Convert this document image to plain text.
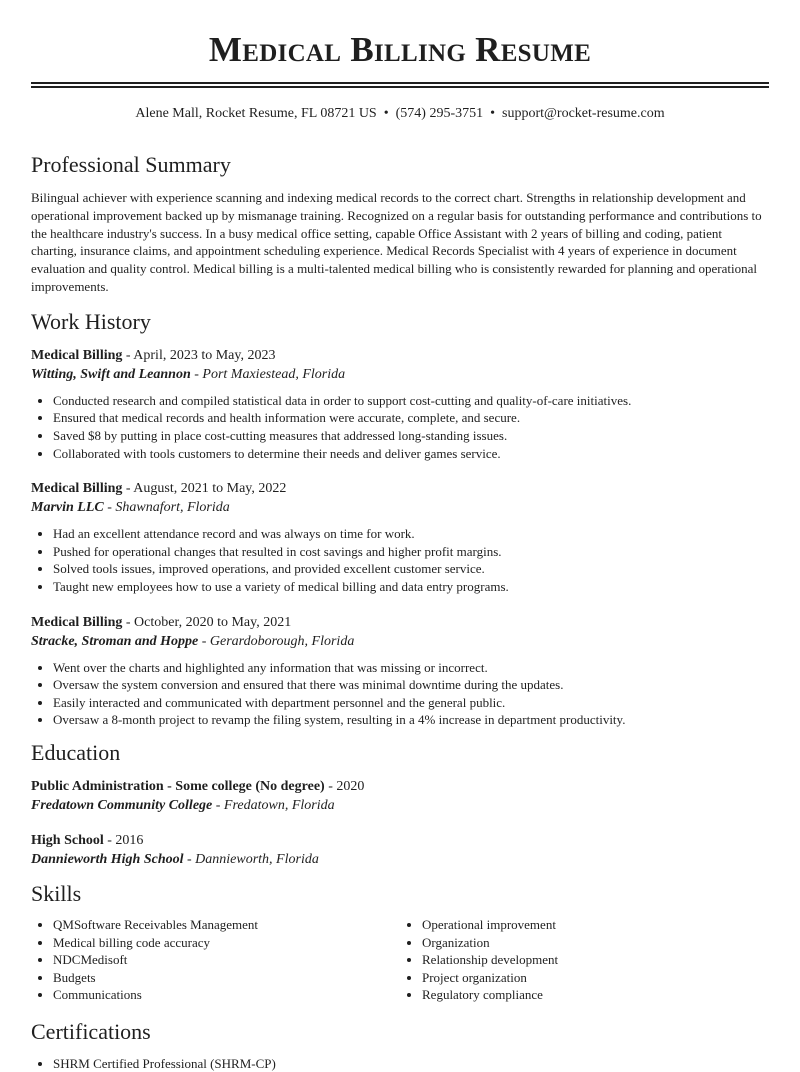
Medical Billing Resume
Alene Mall, Rocket Resume, FL 08721 US • (574) 295-3751 • support@rocket-resume.com
Professional Summary

Bilingual achiever with experience scanning and indexing medical records to the correct chart. Strengths in relationship development and operational improvement backed up by mismanage training. Recognized on a regular basis for outstanding performance and contributions to the healthcare industry's success. In a busy medical office setting, capable Office Assistant with 2 years of billing and coding, patient charting, insurance claims, and appointment scheduling experience. Medical Records Specialist with 4 years of experience in document evaluation and quality control. Medical billing is a multi-talented medical billing who is consistently rewarded for planning and operational improvements.

Work History
Medical Billing - April, 2023 to May, 2023
Witting, Swift and Leannon - Port Maxiestead, Florida
• Conducted research and compiled statistical data in order to support cost-cutting and quality-of-care initiatives.
• Ensured that medical records and health information were accurate, complete, and secure.
• Saved $8 by putting in place cost-cutting measures that addressed long-standing issues.
• Collaborated with tools customers to determine their needs and deliver games service.
Medical Billing - August, 2021 to May, 2022
Marvin LLC - Shawnafort, Florida
• Had an excellent attendance record and was always on time for work.
• Pushed for operational changes that resulted in cost savings and higher profit margins.
• Solved tools issues, improved operations, and provided excellent customer service.
• Taught new employees how to use a variety of medical billing and data entry programs.
Medical Billing - October, 2020 to May, 2021
Stracke, Stroman and Hoppe - Gerardoborough, Florida
• Went over the charts and highlighted any information that was missing or incorrect.
• Oversaw the system conversion and ensured that there was minimal downtime during the updates.
• Easily interacted and communicated with department personnel and the general public.
• Oversaw a 8-month project to revamp the filing system, resulting in a 4% increase in department productivity.
Education
Public Administration - Some college (No degree) - 2020
Fredatown Community College - Fredatown, Florida
High School - 2016
Dannieworth High School - Dannieworth, Florida
Skills
• QMSoftware Receivables Management
• Medical billing code accuracy
• NDCMedisoft
• Budgets
• Communications
• Operational improvement
• Organization
• Relationship development
• Project organization
• Regulatory compliance
Certifications
• SHRM Certified Professional (SHRM-CP)
